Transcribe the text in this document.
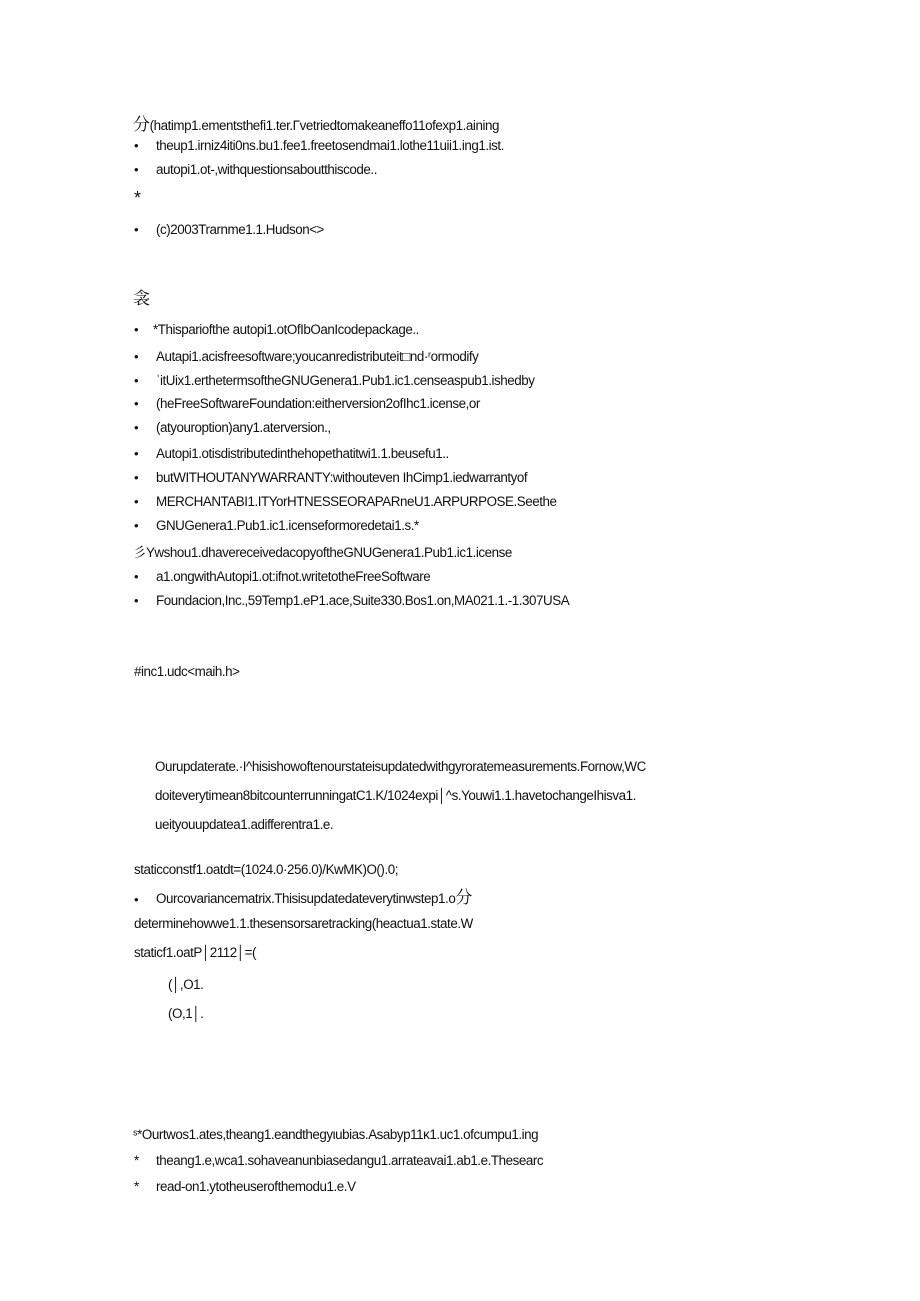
分(hatimp1.ementsthefi1.ter.Γvetriedtomakeaneffo11ofexp1.aining
• theup1.irniz4iti0ns.bu1.fee1.freetosendmai1.lothe11uii1.ing1.ist.
• autopi1.ot-,withquestionsaboutthiscode..
*
• (c)2003Trarnme1.1.Hudson<>
衾
• *Thispariofthe autopi1.otOfIbOanIcodepackage..
• Autapi1.acisfreesoftware;youcanredistributeit□nd·ʳormodify
• ʿitUix1.erthetermsoftheGNUGenera1.Pub1.ic1.censeaspub1.ishedby
• (heFreeSoftwareFoundation:eitherversion2ofIhc1.icense,or
• (atyouroption)any1.aterversion.,
• Autopi1.otisdistributedinthehopethatitwi1.1.beusefu1..
• butWITHOUTANYWARRANTY:withouteven IhCimp1.iedwarrantyof
• MERCHANTABI1.ITYorHTNESSEORAPARneU1.ARPURPOSE.Seethe
• GNUGenera1.Pub1.ic1.icenseformoredetai1.s.*
彡Ywshou1.dhavereceivedacopyoftheGNUGenera1.Pub1.ic1.icense
• a1.ongwithAutopi1.ot:ifnot.writetotheFreeSoftware
• Foundacion,Inc.,59Temp1.eP1.ace,Suite330.Bos1.on,MA021.1.-1.307USA
#inc1.udc<maih.h>
Ourupdaterate.·I^hisishowoftenourstateisupdatedwithgyroratemeasurements.Fornow,WC
doiteverytimean8bitcounterrunningatC1.K/1024expi│^s.Youwi1.1.havetochangeIhisva1.
ueityouupdatea1.adifferentra1.e.
staticconstf1.oatdt=(1024.0·256.0)/KwMK)O().0;
• Ourcovariancematrix.Thisisupdatedateverytinwstep1.o分
determinehowwe1.1.thesensorsaretracking(heactua1.state.W
staticf1.oatP│2112│=(
(│,O1.
(O,1│.
ˢ*Ourtwos1.ates,theang1.eandthegyιubias.Asabyp11κ1.uc1.ofcumpu1.ing
* theang1.e,wca1.sohaveanunbiasedangu1.arrateavai1.ab1.e.Thesearc
* read-on1.ytotheuserofthemodu1.e.V
